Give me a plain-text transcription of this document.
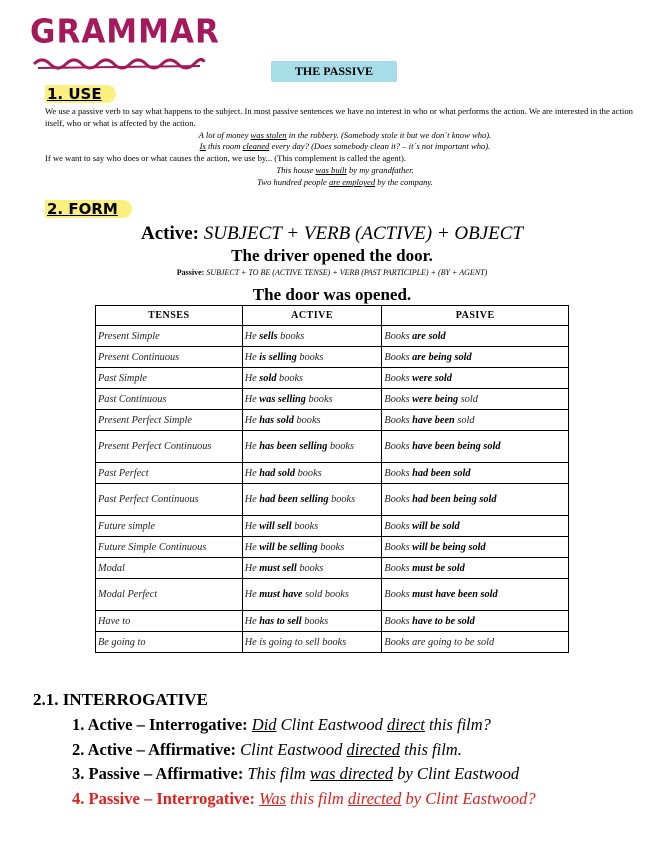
GRAMMAR
THE PASSIVE
1. USE

We use a passive verb to say what happens to the subject. In most passive sentences we have no interest in who or what performs the action. We are interested in the action itself, who or what is affected by the action.

A lot of money was stolen in the robbery. (Somebody stole it but we don´t know who).

Is this room cleaned every day? (Does somebody clean it? – it´s not important who).

If we want to say who does or what causes the action, we use by... (This complement is called the agent).

This house was built by my grandfather.

Two hundred people are employed by the company.

2. FORM
Active: SUBJECT + VERB (ACTIVE) + OBJECT
The driver opened the door.
Passive: SUBJECT + TO BE (ACTIVE TENSE) + VERB (PAST PARTICIPLE) + (BY + AGENT)
The door was opened.
TENSES	ACTIVE	PASIVE
Present Simple	He sells books	Books are sold
Present Continuous	He is selling books	Books are being sold
Past Simple	He sold books	Books were sold
Past Continuous	He was selling books	Books were being sold
Present Perfect Simple	He has sold books	Books have been sold
Present Perfect Continuous	He has been selling books	Books have been being sold
Past Perfect	He had sold books	Books had been sold
Past Perfect Continuous	He had been selling books	Books had been being sold
Future simple	He will sell books	Books will be sold
Future Simple Continuous	He will be selling books	Books will be being sold
Modal	He must sell books	Books must be sold
Modal Perfect	He must have sold books	Books must have been sold
Have to	He has to sell books	Books have to be sold
Be going to	He is going to sell books	Books are going to be sold
2.1. INTERROGATIVE
1. Active – Interrogative: Did Clint Eastwood direct this film?
2. Active – Affirmative: Clint Eastwood directed this film.
3. Passive – Affirmative: This film was directed by Clint Eastwood
4. Passive – Interrogative: Was this film directed by Clint Eastwood?
